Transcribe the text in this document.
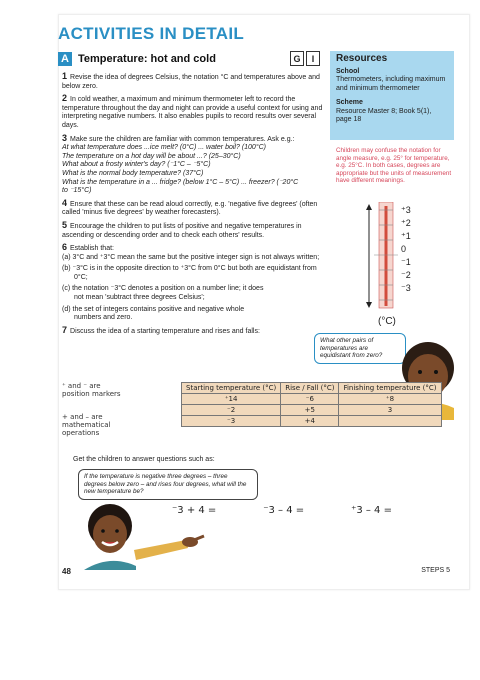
ACTIVITIES IN DETAIL
A Temperature: hot and cold	G	I

1 Revise the idea of degrees Celsius, the notation °C and temperatures above and below zero.

2 In cold weather, a maximum and minimum thermometer left to record the temperature throughout the day and night can provide a useful context for using and interpreting negative numbers. It also enables pupils to record results over several days.

3 Make sure the children are familiar with common temperatures. Ask e.g.:

At what temperature does ...ice melt? (0°C) ... water boil? (100°C)

The temperature on a hot day will be about ...? (25–30°C)

What about a frosty winter's day? (⁻1°C – ⁻5°C)

What is the normal body temperature? (37°C)

What is the temperature in a ... fridge? (below 1°C – 5°C) ... freezer? (⁻20°C to ⁻15°C)

4 Ensure that these can be read aloud correctly, e.g. 'negative five degrees' (often called 'minus five degrees' by weather forecasters).

5 Encourage the children to put lists of positive and negative temperatures in ascending or descending order and to check each others' results.

6 Establish that:

(a) 3°C and ⁺3°C mean the same but the positive integer sign is not always written;

(b) ⁻3°C is in the opposite direction to ⁺3°C from 0°C but both are equidistant from 0°C;

(c) the notation ⁻3°C denotes a position on a number line; it does not mean 'subtract three degrees Celsius';

(d) the set of integers contains positive and negative whole numbers and zero.

7 Discuss the idea of a starting temperature and rises and falls:

Resources
School
Thermometers, including maximum and minimum thermometer
Scheme
Resource Master 8; Book 5(1), page 18
Children may confuse the notation for angle measure, e.g. 25° for temperature, e.g. 25°C. In both cases, degrees are appropriate but the units of measurement have different meanings.
⁺3
⁺2
⁺1
0
⁻1
⁻2
⁻3
(°C)
What other pairs of temperatures are equidistant from zero?
⁺ and ⁻ are
position markers
+ and – are
mathematical
operations
Starting temperature (°C)	Rise / Fall (°C)	Finishing temperature (°C)
⁺14	⁻6	⁺8
⁻2	+5	3
⁻3	+4	
Get the children to answer questions such as:
If the temperature is negative three degrees – three degrees below zero – and rises four degrees, what will the new temperature be?
⁻3 + 4 =	⁻3 – 4 =	⁺3 – 4 =
48	STEPS 5
